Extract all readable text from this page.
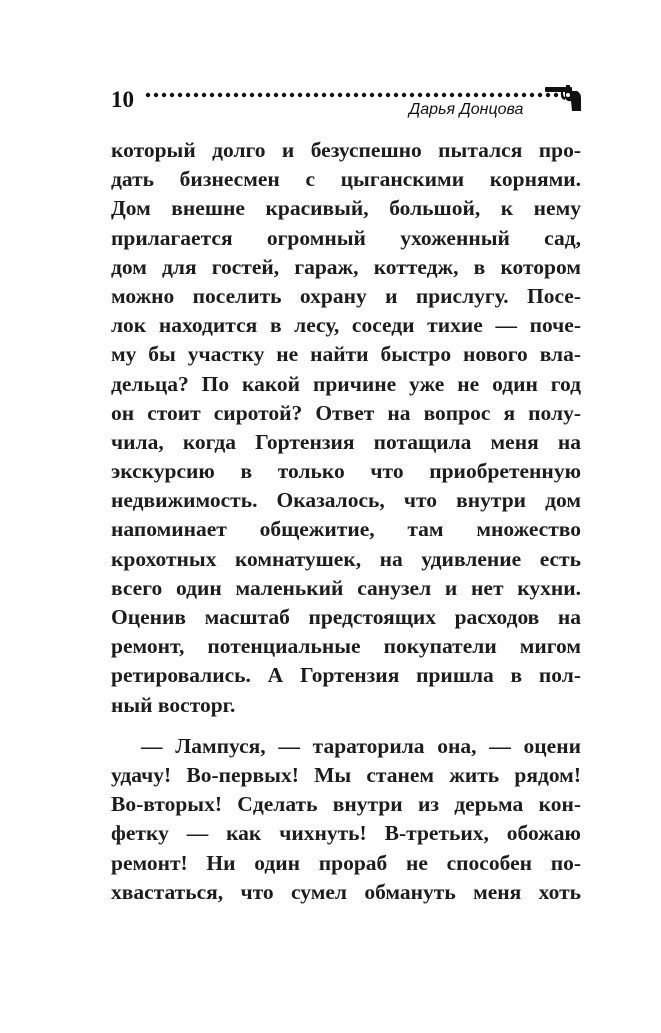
10	Дарья Донцова
который долго и безуспешно пытался про-
дать бизнесмен с цыганскими корнями.
Дом внешне красивый, большой, к нему
прилагается огромный ухоженный сад,
дом для гостей, гараж, коттедж, в котором
можно поселить охрану и прислугу. Посе-
лок находится в лесу, соседи тихие — поче-
му бы участку не найти быстро нового вла-
дельца? По какой причине уже не один год
он стоит сиротой? Ответ на вопрос я полу-
чила, когда Гортензия потащила меня на
экскурсию в только что приобретенную
недвижимость. Оказалось, что внутри дом
напоминает общежитие, там множество
крохотных комнатушек, на удивление есть
всего один маленький санузел и нет кухни.
Оценив масштаб предстоящих расходов на
ремонт, потенциальные покупатели мигом
ретировались. А Гортензия пришла в пол-
ный восторг.
— Лампуся, — тараторила она, — оцени
удачу! Во-первых! Мы станем жить рядом!
Во-вторых! Сделать внутри из дерьма кон-
фетку — как чихнуть! В-третьих, обожаю
ремонт! Ни один прораб не способен по-
хвастаться, что сумел обмануть меня хоть
